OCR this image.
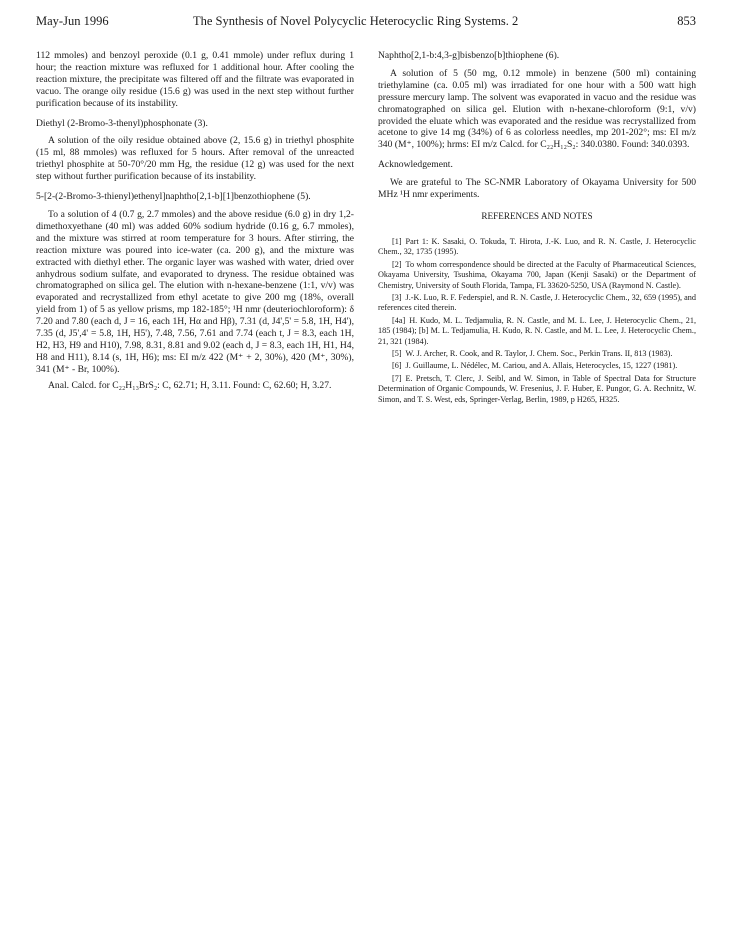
May-Jun 1996	The Synthesis of Novel Polycyclic Heterocyclic Ring Systems. 2	853

112 mmoles) and benzoyl peroxide (0.1 g, 0.41 mmole) under reflux during 1 hour; the reaction mixture was refluxed for 1 additional hour. After cooling the reaction mixture, the precipitate was filtered off and the filtrate was evaporated in vacuo. The orange oily residue (15.6 g) was used in the next step without further purification because of its instability.

Diethyl (2-Bromo-3-thenyl)phosphonate (3).

A solution of the oily residue obtained above (2, 15.6 g) in triethyl phosphite (15 ml, 88 mmoles) was refluxed for 5 hours. After removal of the unreacted triethyl phosphite at 50-70°/20 mm Hg, the residue (12 g) was used for the next step without further purification because of its instability.

5-[2-(2-Bromo-3-thienyl)ethenyl]naphtho[2,1-b][1]benzothiophene (5).

To a solution of 4 (0.7 g, 2.7 mmoles) and the above residue (6.0 g) in dry 1,2-dimethoxyethane (40 ml) was added 60% sodium hydride (0.16 g, 6.7 mmoles), and the mixture was stirred at room temperature for 3 hours. After stirring, the reaction mixture was poured into ice-water (ca. 200 g), and the mixture was extracted with diethyl ether. The organic layer was washed with water, dried over anhydrous sodium sulfate, and evaporated to dryness. The residue obtained was chromatographed on silica gel. The elution with n-hexane-benzene (1:1, v/v) was evaporated and recrystallized from ethyl acetate to give 200 mg (18%, overall yield from 1) of 5 as yellow prisms, mp 182-185°; ¹H nmr (deuteriochloroform): δ 7.20 and 7.80 (each d, J = 16, each 1H, Hα and Hβ), 7.31 (d, J4',5' = 5.8, 1H, H4'), 7.35 (d, J5',4' = 5.8, 1H, H5'), 7.48, 7.56, 7.61 and 7.74 (each t, J = 8.3, each 1H, H2, H3, H9 and H10), 7.98, 8.31, 8.81 and 9.02 (each d, J = 8.3, each 1H, H1, H4, H8 and H11), 8.14 (s, 1H, H6); ms: EI m/z 422 (M⁺ + 2, 30%), 420 (M⁺, 30%), 341 (M⁺ - Br, 100%).

Anal. Calcd. for C₂₂H₁₃BrS₂: C, 62.71; H, 3.11. Found: C, 62.60; H, 3.27.

Naphtho[2,1-b:4,3-g]bisbenzo[b]thiophene (6).

A solution of 5 (50 mg, 0.12 mmole) in benzene (500 ml) containing triethylamine (ca. 0.05 ml) was irradiated for one hour with a 500 watt high pressure mercury lamp. The solvent was evaporated in vacuo and the residue was chromatographed on silica gel. Elution with n-hexane-chloroform (9:1, v/v) provided the eluate which was evaporated and the residue was recrystallized from acetone to give 14 mg (34%) of 6 as colorless needles, mp 201-202°; ms: EI m/z 340 (M⁺, 100%); hrms: EI m/z Calcd. for C₂₂H₁₂S₂: 340.0380. Found: 340.0393.

Acknowledgement.

We are grateful to The SC-NMR Laboratory of Okayama University for 500 MHz ¹H nmr experiments.

REFERENCES AND NOTES

[1] Part 1: K. Sasaki, O. Tokuda, T. Hirota, J.-K. Luo, and R. N. Castle, J. Heterocyclic Chem., 32, 1735 (1995).

[2] To whom correspondence should be directed at the Faculty of Pharmaceutical Sciences, Okayama University, Tsushima, Okayama 700, Japan (Kenji Sasaki) or the Department of Chemistry, University of South Florida, Tampa, FL 33620-5250, USA (Raymond N. Castle).

[3] J.-K. Luo, R. F. Federspiel, and R. N. Castle, J. Heterocyclic Chem., 32, 659 (1995), and references cited therein.

[4a] H. Kudo, M. L. Tedjamulia, R. N. Castle, and M. L. Lee, J. Heterocyclic Chem., 21, 185 (1984); [b] M. L. Tedjamulia, H. Kudo, R. N. Castle, and M. L. Lee, J. Heterocyclic Chem., 21, 321 (1984).

[5] W. J. Archer, R. Cook, and R. Taylor, J. Chem. Soc., Perkin Trans. II, 813 (1983).

[6] J. Guillaume, L. Nédélec, M. Cariou, and A. Allais, Heterocycles, 15, 1227 (1981).

[7] E. Pretsch, T. Clerc, J. Seibl, and W. Simon, in Table of Spectral Data for Structure Determination of Organic Compounds, W. Fresenius, J. F. Huber, E. Pungor, G. A. Rechnitz, W. Simon, and T. S. West, eds, Springer-Verlag, Berlin, 1989, p H265, H325.
